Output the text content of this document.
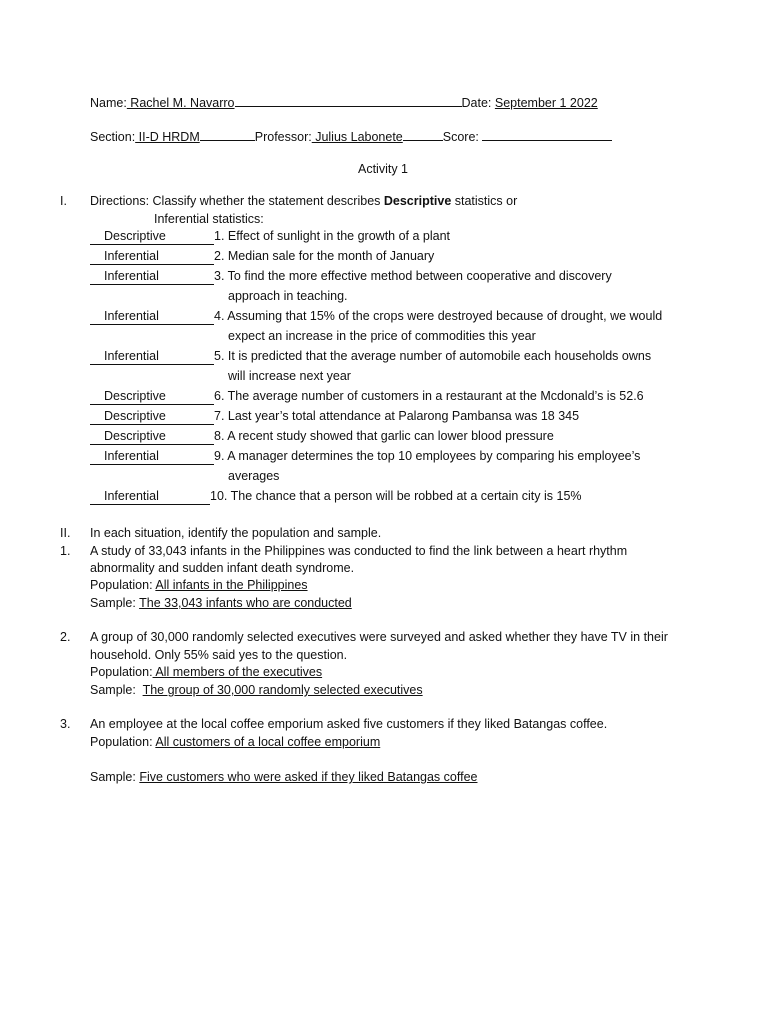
Name: Rachel M. Navarro	Date: September 1 2022
Section: II-D HRDM	Professor: Julius Labonete	Score:
Activity 1
I. Directions: Classify whether the statement describes Descriptive statistics or
Inferential statistics:
Descriptive	1. Effect of sunlight in the growth of a plant
Inferential	2. Median sale for the month of January
Inferential	3. To find the more effective method between cooperative and discovery
approach in teaching.
Inferential	4. Assuming that 15% of the crops were destroyed because of drought, we would
expect an increase in the price of commodities this year
Inferential	5. It is predicted that the average number of automobile each households owns
will increase next year
Descriptive	6. The average number of customers in a restaurant at the Mcdonald’s is 52.6
Descriptive	7. Last year’s total attendance at Palarong Pambansa was 18 345
Descriptive	8. A recent study showed that garlic can lower blood pressure
Inferential	9. A manager determines the top 10 employees by comparing his employee’s
averages
Inferential	10. The chance that a person will be robbed at a certain city is 15%
II. In each situation, identify the population and sample.
1. A study of 33,043 infants in the Philippines was conducted to find the link between a heart rhythm
abnormality and sudden infant death syndrome.
Population: All infants in the Philippines
Sample: The 33,043 infants who are conducted
2. A group of 30,000 randomly selected executives were surveyed and asked whether they have TV in their
household. Only 55% said yes to the question.
Population: All members of the executives
Sample: The group of 30,000 randomly selected executives
3. An employee at the local coffee emporium asked five customers if they liked Batangas coffee.
Population: All customers of a local coffee emporium
Sample: Five customers who were asked if they liked Batangas coffee
